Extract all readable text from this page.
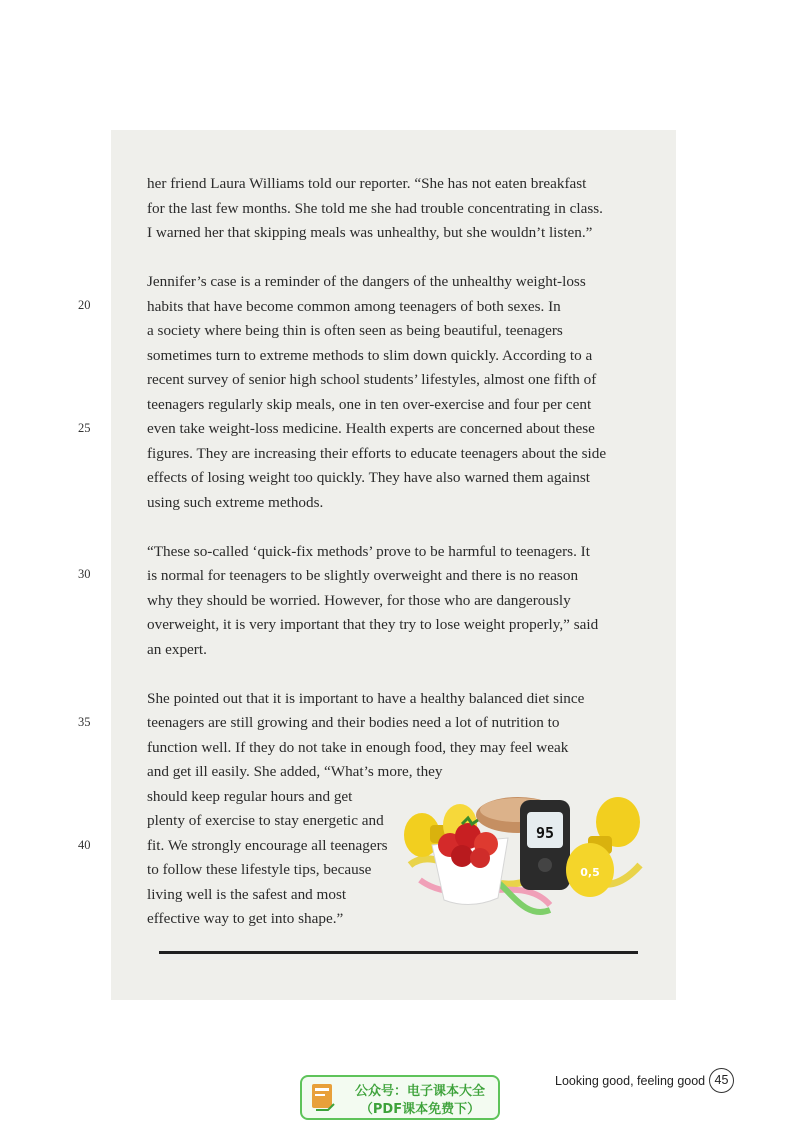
her friend Laura Williams told our reporter. “She has not eaten breakfast
for the last few months. She told me she had trouble concentrating in class.
I warned her that skipping meals was unhealthy, but she wouldn’t listen.”
Jennifer’s case is a reminder of the dangers of the unhealthy weight-loss
habits that have become common among teenagers of both sexes. In
a society where being thin is often seen as being beautiful, teenagers
sometimes turn to extreme methods to slim down quickly. According to a
recent survey of senior high school students’ lifestyles, almost one fifth of
teenagers regularly skip meals, one in ten over-exercise and four per cent
even take weight-loss medicine. Health experts are concerned about these
figures. They are increasing their efforts to educate teenagers about the side
effects of losing weight too quickly. They have also warned them against
using such extreme methods.
“These so-called ‘quick-fix methods’ prove to be harmful to teenagers. It
is normal for teenagers to be slightly overweight and there is no reason
why they should be worried. However, for those who are dangerously
overweight, it is very important that they try to lose weight properly,” said
an expert.
She pointed out that it is important to have a healthy balanced diet since
teenagers are still growing and their bodies need a lot of nutrition to
function well. If they do not take in enough food, they may feel weak
and get ill easily. She added, “What’s more, they
should keep regular hours and get
plenty of exercise to stay energetic and
fit. We strongly encourage all teenagers
to follow these lifestyle tips, because
living well is the safest and most
effective way to get into shape.”
20
25
30
35
40
95
0,5
公众号：电子课本大全
（PDF课本免费下）
Looking good, feeling good 45
